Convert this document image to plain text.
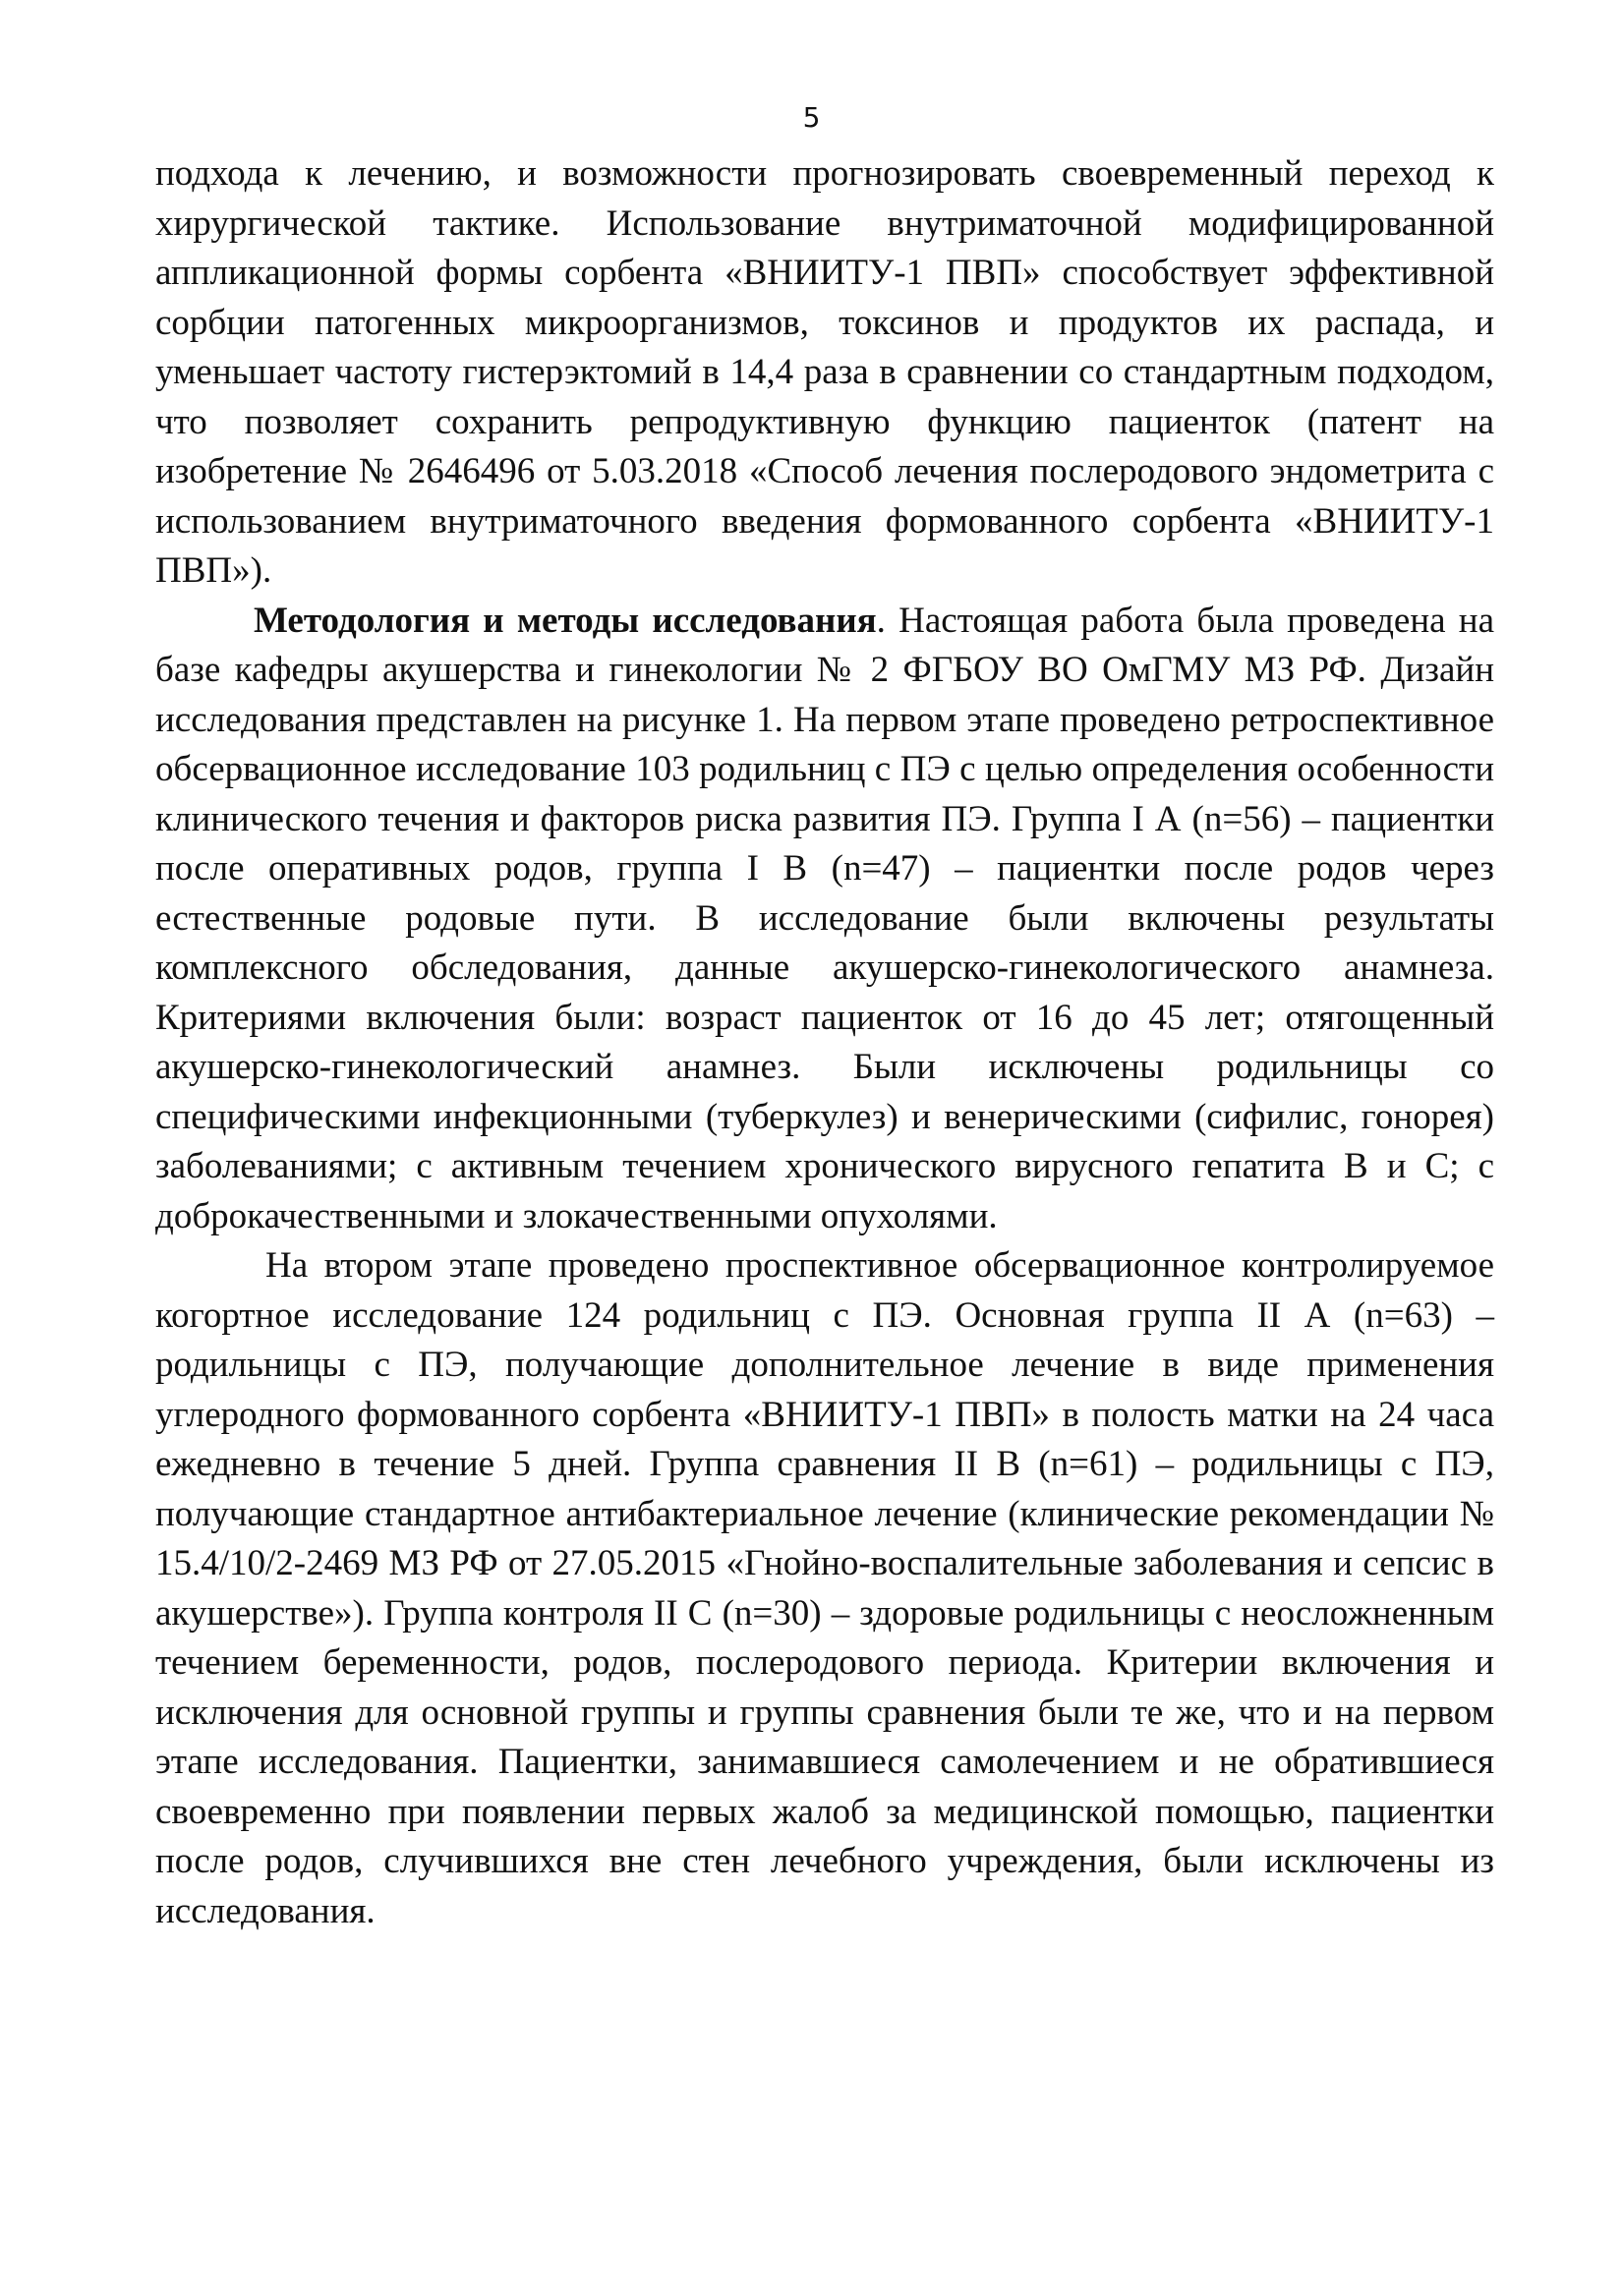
5

подхода к лечению, и возможности прогнозировать своевременный переход к хирургической тактике. Использование внутриматочной модифицированной аппликационной формы сорбента «ВНИИТУ-1 ПВП» способствует эффективной сорбции патогенных микроорганизмов, токсинов и продуктов их распада, и уменьшает частоту гистерэктомий в 14,4 раза в сравнении со стандартным подходом, что позволяет сохранить репродуктивную функцию пациенток (патент на изобретение № 2646496 от 5.03.2018 «Способ лечения послеродового эндометрита с использованием внутриматочного введения формованного сорбента «ВНИИТУ-1 ПВП»).

Методология и методы исследования. Настоящая работа была проведена на базе кафедры акушерства и гинекологии № 2 ФГБОУ ВО ОмГМУ МЗ РФ. Дизайн исследования представлен на рисунке 1. На первом этапе проведено ретроспективное обсервационное исследование 103 родильниц с ПЭ с целью определения особенности клинического течения и факторов риска развития ПЭ. Группа I А (n=56) – пациентки после оперативных родов, группа I В (n=47) – пациентки после родов через естественные родовые пути. В исследование были включены результаты комплексного обследования, данные акушерско-гинекологического анамнеза. Критериями включения были: возраст пациенток от 16 до 45 лет; отягощенный акушерско-гинекологический анамнез. Были исключены родильницы со специфическими инфекционными (туберкулез) и венерическими (сифилис, гонорея) заболеваниями; с активным течением хронического вирусного гепатита В и С; с доброкачественными и злокачественными опухолями.

На втором этапе проведено проспективное обсервационное контролируемое когортное исследование 124 родильниц с ПЭ. Основная группа II А (n=63) – родильницы с ПЭ, получающие дополнительное лечение в виде применения углеродного формованного сорбента «ВНИИТУ-1 ПВП» в полость матки на 24 часа ежедневно в течение 5 дней. Группа сравнения II В (n=61) – родильницы с ПЭ, получающие стандартное антибактериальное лечение (клинические рекомендации № 15.4/10/2-2469 МЗ РФ от 27.05.2015 «Гнойно-воспалительные заболевания и сепсис в акушерстве»). Группа контроля II С (n=30) – здоровые родильницы с неосложненным течением беременности, родов, послеродового периода. Критерии включения и исключения для основной группы и группы сравнения были те же, что и на первом этапе исследования. Пациентки, занимавшиеся самолечением и не обратившиеся своевременно при появлении первых жалоб за медицинской помощью, пациентки после родов, случившихся вне стен лечебного учреждения, были исключены из исследования.
